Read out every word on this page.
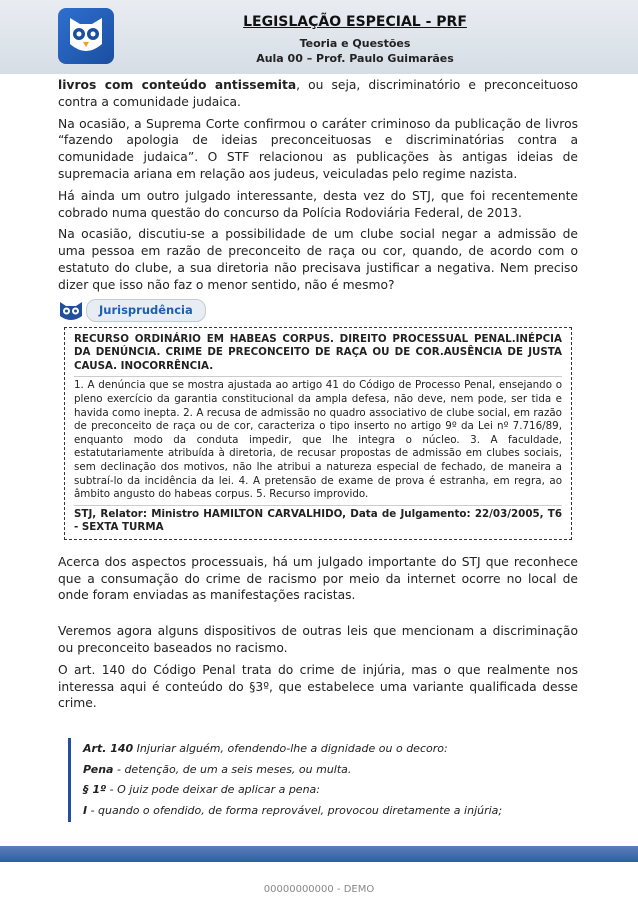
LEGISLAÇÃO ESPECIAL - PRF
Teoria e Questões
Aula 00 – Prof. Paulo Guimarães

livros com conteúdo antissemita, ou seja, discriminatório e preconceituoso contra a comunidade judaica.

Na ocasião, a Suprema Corte confirmou o caráter criminoso da publicação de livros “fazendo apologia de ideias preconceituosas e discriminatórias contra a comunidade judaica”. O STF relacionou as publicações às antigas ideias de supremacia ariana em relação aos judeus, veiculadas pelo regime nazista.

Há ainda um outro julgado interessante, desta vez do STJ, que foi recentemente cobrado numa questão do concurso da Polícia Rodoviária Federal, de 2013.

Na ocasião, discutiu-se a possibilidade de um clube social negar a admissão de uma pessoa em razão de preconceito de raça ou cor, quando, de acordo com o estatuto do clube, a sua diretoria não precisava justificar a negativa. Nem preciso dizer que isso não faz o menor sentido, não é mesmo?

Jurisprudência

RECURSO ORDINÁRIO EM HABEAS CORPUS. DIREITO PROCESSUAL PENAL.INÉPCIA DA DENÚNCIA. CRIME DE PRECONCEITO DE RAÇA OU DE COR.AUSÊNCIA DE JUSTA CAUSA. INOCORRÊNCIA.

1. A denúncia que se mostra ajustada ao artigo 41 do Código de Processo Penal, ensejando o pleno exercício da garantia constitucional da ampla defesa, não deve, nem pode, ser tida e havida como inepta. 2. A recusa de admissão no quadro associativo de clube social, em razão de preconceito de raça ou de cor, caracteriza o tipo inserto no artigo 9º da Lei nº 7.716/89, enquanto modo da conduta impedir, que lhe integra o núcleo. 3. A faculdade, estatutariamente atribuída à diretoria, de recusar propostas de admissão em clubes sociais, sem declinação dos motivos, não lhe atribui a natureza especial de fechado, de maneira a subtraí-lo da incidência da lei. 4. A pretensão de exame de prova é estranha, em regra, ao âmbito angusto do habeas corpus. 5. Recurso improvido.

STJ, Relator: Ministro HAMILTON CARVALHIDO, Data de Julgamento: 22/03/2005, T6 - SEXTA TURMA

Acerca dos aspectos processuais, há um julgado importante do STJ que reconhece que a consumação do crime de racismo por meio da internet ocorre no local de onde foram enviadas as manifestações racistas.

Veremos agora alguns dispositivos de outras leis que mencionam a discriminação ou preconceito baseados no racismo.

O art. 140 do Código Penal trata do crime de injúria, mas o que realmente nos interessa aqui é conteúdo do §3º, que estabelece uma variante qualificada desse crime.

Art. 140 Injuriar alguém, ofendendo-lhe a dignidade ou o decoro:
Pena - detenção, de um a seis meses, ou multa.
§ 1º - O juiz pode deixar de aplicar a pena:
I - quando o ofendido, de forma reprovável, provocou diretamente a injúria;
00000000000 - DEMO
